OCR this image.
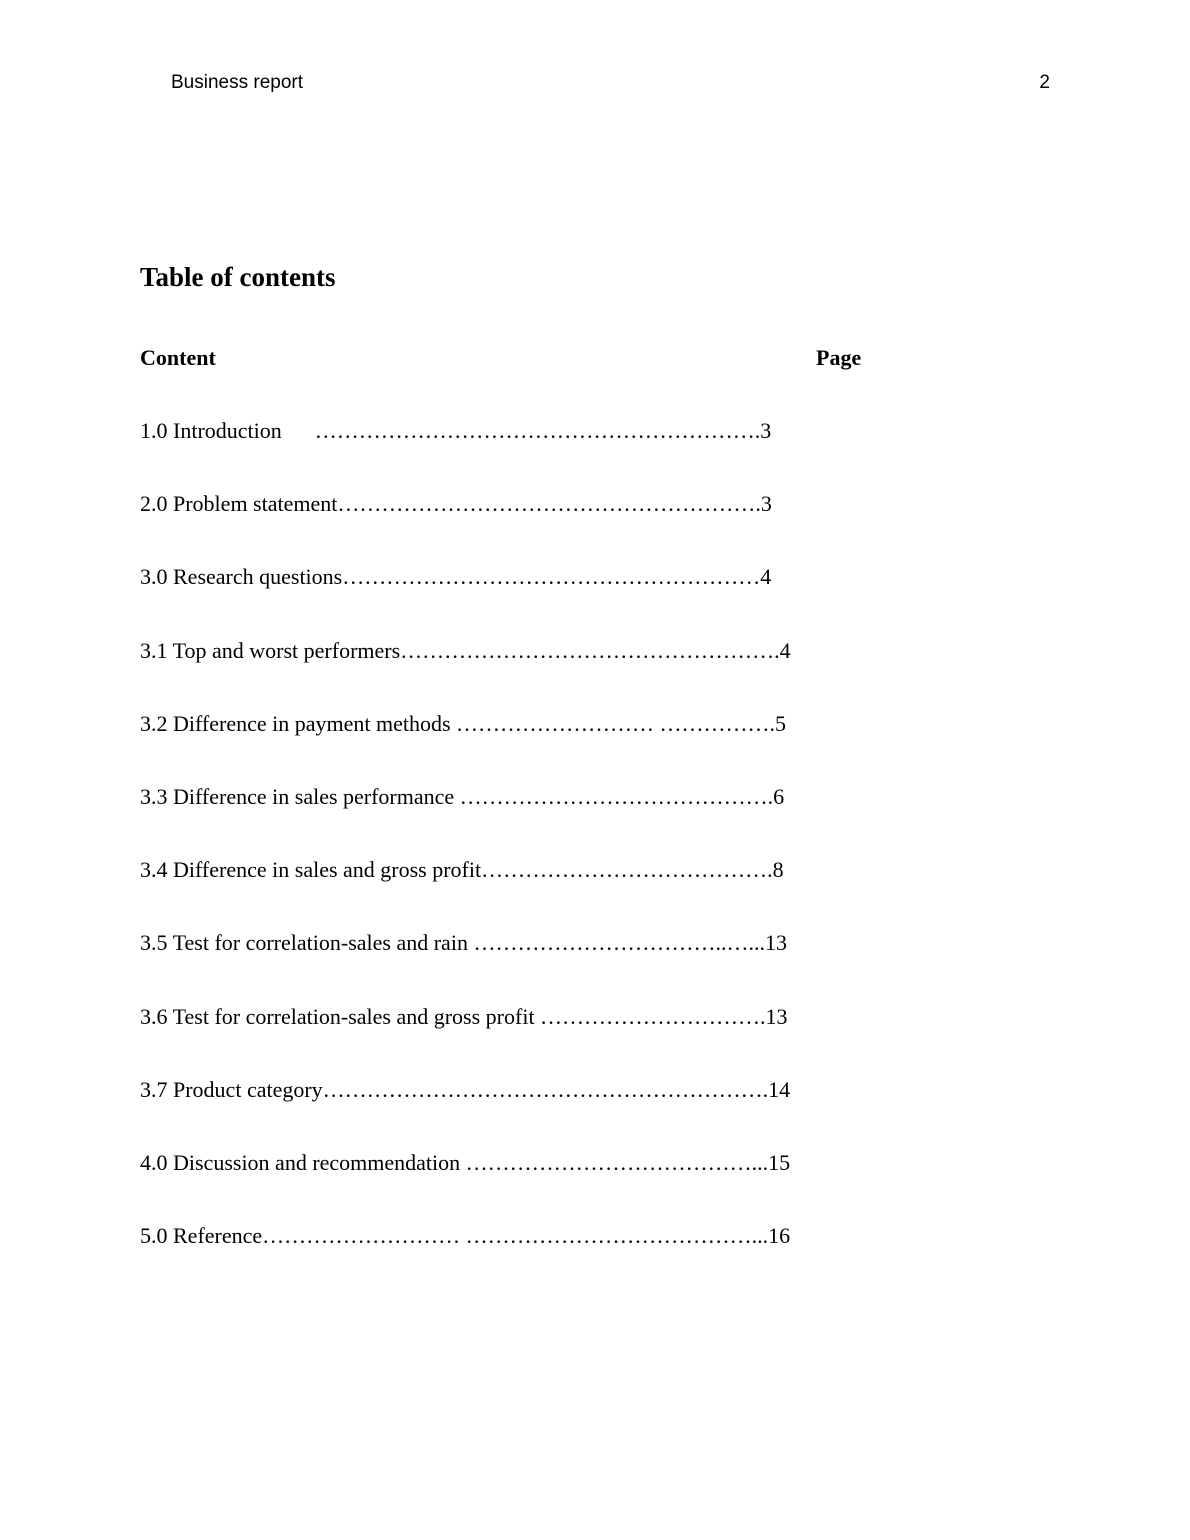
Business report	2
Table of contents
Content	Page
1.0 Introduction      …………………………………………………….3
2.0 Problem statement………………………………………………….3
3.0 Research questions…………………………………………………4
3.1 Top and worst performers…………………………………………….4
3.2 Difference in payment methods ……………………… …………….5
3.3 Difference in sales performance …………………………………….6
3.4 Difference in sales and gross profit………………………………….8
3.5 Test for correlation-sales and rain ……………………………..…...13
3.6 Test for correlation-sales and gross profit ………………………….13
3.7 Product category…………………………………………………….14
4.0 Discussion and recommendation …………………………………...15
5.0 Reference……………………… …………………………………...16
